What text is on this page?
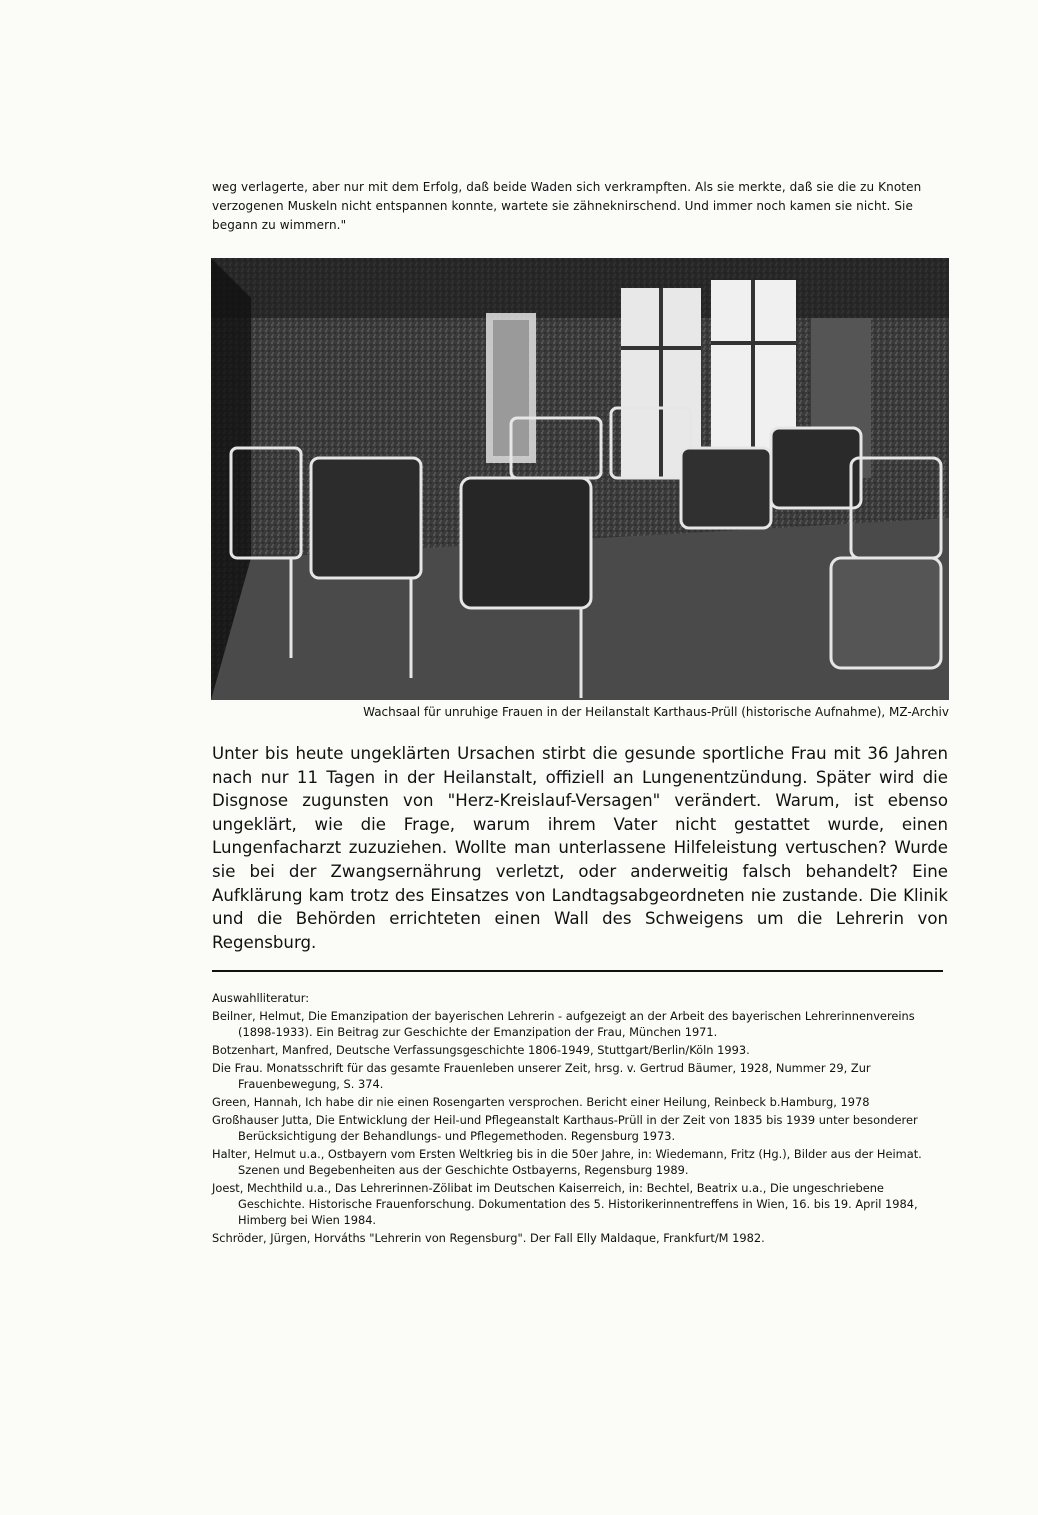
weg verlagerte, aber nur mit dem Erfolg, daß beide Waden sich verkrampften. Als sie merkte, daß sie die zu Knoten verzogenen Muskeln nicht entspannen konnte, wartete sie zähneknirschend. Und immer noch kamen sie nicht. Sie begann zu wimmern."

Wachsaal für unruhige Frauen in der Heilanstalt Karthaus-Prüll (historische Aufnahme), MZ-Archiv

Unter bis heute ungeklärten Ursachen stirbt die gesunde sportliche Frau mit 36 Jahren nach nur 11 Tagen in der Heilanstalt, offiziell an Lungenentzündung. Später wird die Disgnose zugunsten von "Herz-Kreislauf-Versagen" verändert. Warum, ist ebenso ungeklärt, wie die Frage, warum ihrem Vater nicht gestattet wurde, einen Lungenfacharzt zuzuziehen. Wollte man unterlassene Hilfeleistung vertuschen? Wurde sie bei der Zwangsernährung verletzt, oder anderweitig falsch behandelt? Eine Aufklärung kam trotz des Einsatzes von Landtagsabgeordneten nie zustande. Die Klinik und die Behörden errichteten einen Wall des Schweigens um die Lehrerin von Regensburg.

Auswahlliteratur:

Beilner, Helmut, Die Emanzipation der bayerischen Lehrerin - aufgezeigt an der Arbeit des bayerischen Lehrerinnenvereins (1898-1933). Ein Beitrag zur Geschichte der Emanzipation der Frau, München 1971.
Botzenhart, Manfred, Deutsche Verfassungsgeschichte 1806-1949, Stuttgart/Berlin/Köln 1993.
Die Frau. Monatsschrift für das gesamte Frauenleben unserer Zeit, hrsg. v. Gertrud Bäumer, 1928, Nummer 29, Zur Frauenbewegung, S. 374.
Green, Hannah, Ich habe dir nie einen Rosengarten versprochen. Bericht einer Heilung, Reinbeck b.Hamburg, 1978
Großhauser Jutta, Die Entwicklung der Heil-und Pflegeanstalt Karthaus-Prüll in der Zeit von 1835 bis 1939 unter besonderer Berücksichtigung der Behandlungs- und Pflegemethoden. Regensburg 1973.
Halter, Helmut u.a., Ostbayern vom Ersten Weltkrieg bis in die 50er Jahre, in: Wiedemann, Fritz (Hg.), Bilder aus der Heimat. Szenen und Begebenheiten aus der Geschichte Ostbayerns, Regensburg 1989.
Joest, Mechthild u.a., Das Lehrerinnen-Zölibat im Deutschen Kaiserreich, in: Bechtel, Beatrix u.a., Die ungeschriebene Geschichte. Historische Frauenforschung. Dokumentation des 5. Historikerinnentreffens in Wien, 16. bis 19. April 1984, Himberg bei Wien 1984.
Schröder, Jürgen, Horváths "Lehrerin von Regensburg". Der Fall Elly Maldaque, Frankfurt/M 1982.
